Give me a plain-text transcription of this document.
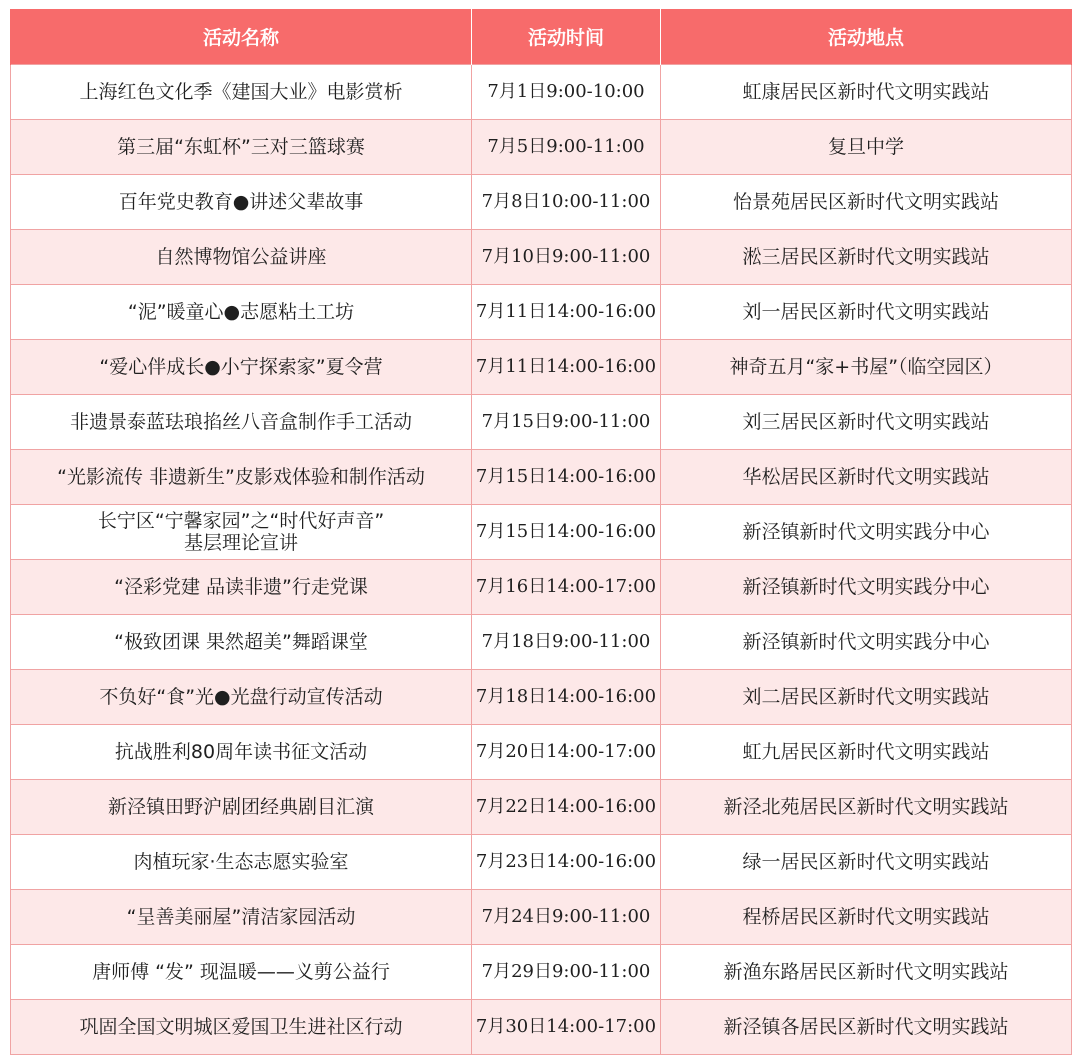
活动名称	活动时间	活动地点
上海红色文化季《建国大业》电影赏析	7月1日9:00-10:00	虹康居民区新时代文明实践站
第三届“东虹杯”三对三篮球赛	7月5日9:00-11:00	复旦中学
百年党史教育●讲述父辈故事	7月8日10:00-11:00	怡景苑居民区新时代文明实践站
自然博物馆公益讲座	7月10日9:00-11:00	淞三居民区新时代文明实践站
“泥”暖童心●志愿粘土工坊	7月11日14:00-16:00	刘一居民区新时代文明实践站
“爱心伴成长●小宁探索家”夏令营	7月11日14:00-16:00	神奇五月“家+书屋”（临空园区）
非遗景泰蓝珐琅掐丝八音盒制作手工活动	7月15日9:00-11:00	刘三居民区新时代文明实践站
“光影流传 非遗新生”皮影戏体验和制作活动	7月15日14:00-16:00	华松居民区新时代文明实践站

长宁区“宁馨家园”之“时代好声音”
基层理论宣讲	7月15日14:00-16:00	新泾镇新时代文明实践分中心
“泾彩党建 品读非遗”行走党课	7月16日14:00-17:00	新泾镇新时代文明实践分中心
“极致团课 果然超美”舞蹈课堂	7月18日9:00-11:00	新泾镇新时代文明实践分中心
不负好“食”光●光盘行动宣传活动	7月18日14:00-16:00	刘二居民区新时代文明实践站
抗战胜利80周年读书征文活动	7月20日14:00-17:00	虹九居民区新时代文明实践站
新泾镇田野沪剧团经典剧目汇演	7月22日14:00-16:00	新泾北苑居民区新时代文明实践站
肉植玩家·生态志愿实验室	7月23日14:00-16:00	绿一居民区新时代文明实践站
“呈善美丽屋”清洁家园活动	7月24日9:00-11:00	程桥居民区新时代文明实践站
唐师傅 “发” 现温暖——义剪公益行	7月29日9:00-11:00	新渔东路居民区新时代文明实践站
巩固全国文明城区爱国卫生进社区行动	7月30日14:00-17:00	新泾镇各居民区新时代文明实践站
